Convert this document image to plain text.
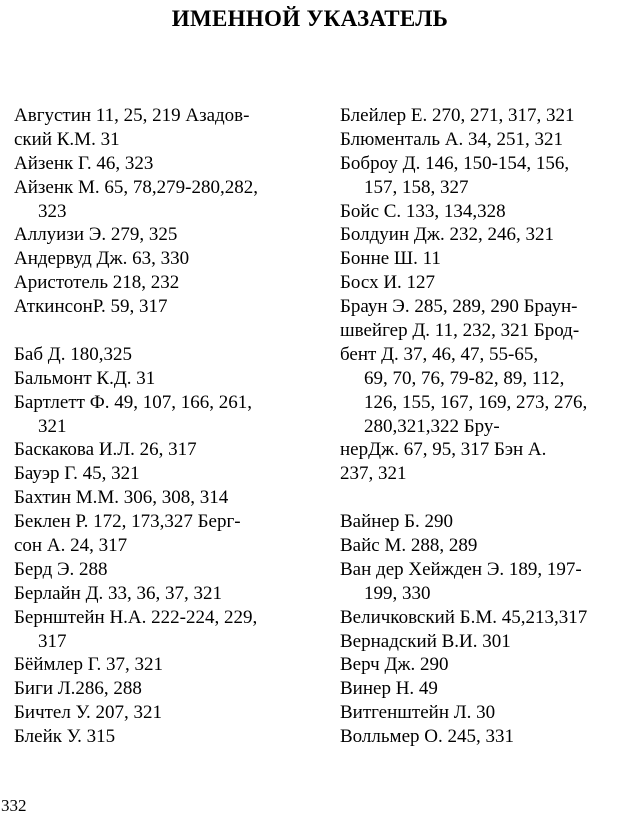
ИМЕННОЙ УКАЗАТЕЛЬ
Августин 11, 25, 219 Азадов-
ский К.М. 31
Айзенк Г. 46, 323
Айзенк М. 65, 78,279-280,282,
323
Аллуизи Э. 279, 325
Андервуд Дж. 63, 330
Аристотель 218, 232
АткинсонР. 59, 317
Баб Д. 180,325
Бальмонт К.Д. 31
Бартлетт Ф. 49, 107, 166, 261,
321
Баскакова И.Л. 26, 317
Бауэр Г. 45, 321
Бахтин М.М. 306, 308, 314
Беклен Р. 172, 173,327 Берг-
сон А. 24, 317
Берд Э. 288
Берлайн Д. 33, 36, 37, 321
Бернштейн Н.А. 222-224, 229,
317
Бёймлер Г. 37, 321
Биги Л.286, 288
Бичтел У. 207, 321
Блейк У. 315
Блейлер Е. 270, 271, 317, 321
Блюменталь А. 34, 251, 321
Боброу Д. 146, 150-154, 156,
157, 158, 327
Бойс С. 133, 134,328
Болдуин Дж. 232, 246, 321
Бонне Ш. 11
Босх И. 127
Браун Э. 285, 289, 290 Браун-
швейгер Д. 11, 232, 321 Брод-
бент Д. 37, 46, 47, 55-65,
69, 70, 76, 79-82, 89, 112,
126, 155, 167, 169, 273, 276,
280,321,322 Бру-
нерДж. 67, 95, 317 Бэн А.
237, 321
Вайнер Б. 290
Вайс М. 288, 289
Ван дер Хейжден Э. 189, 197-
199, 330
Величковский Б.М. 45,213,317
Вернадский В.И. 301
Верч Дж. 290
Винер Н. 49
Витгенштейн Л. 30
Волльмер О. 245, 331
332
